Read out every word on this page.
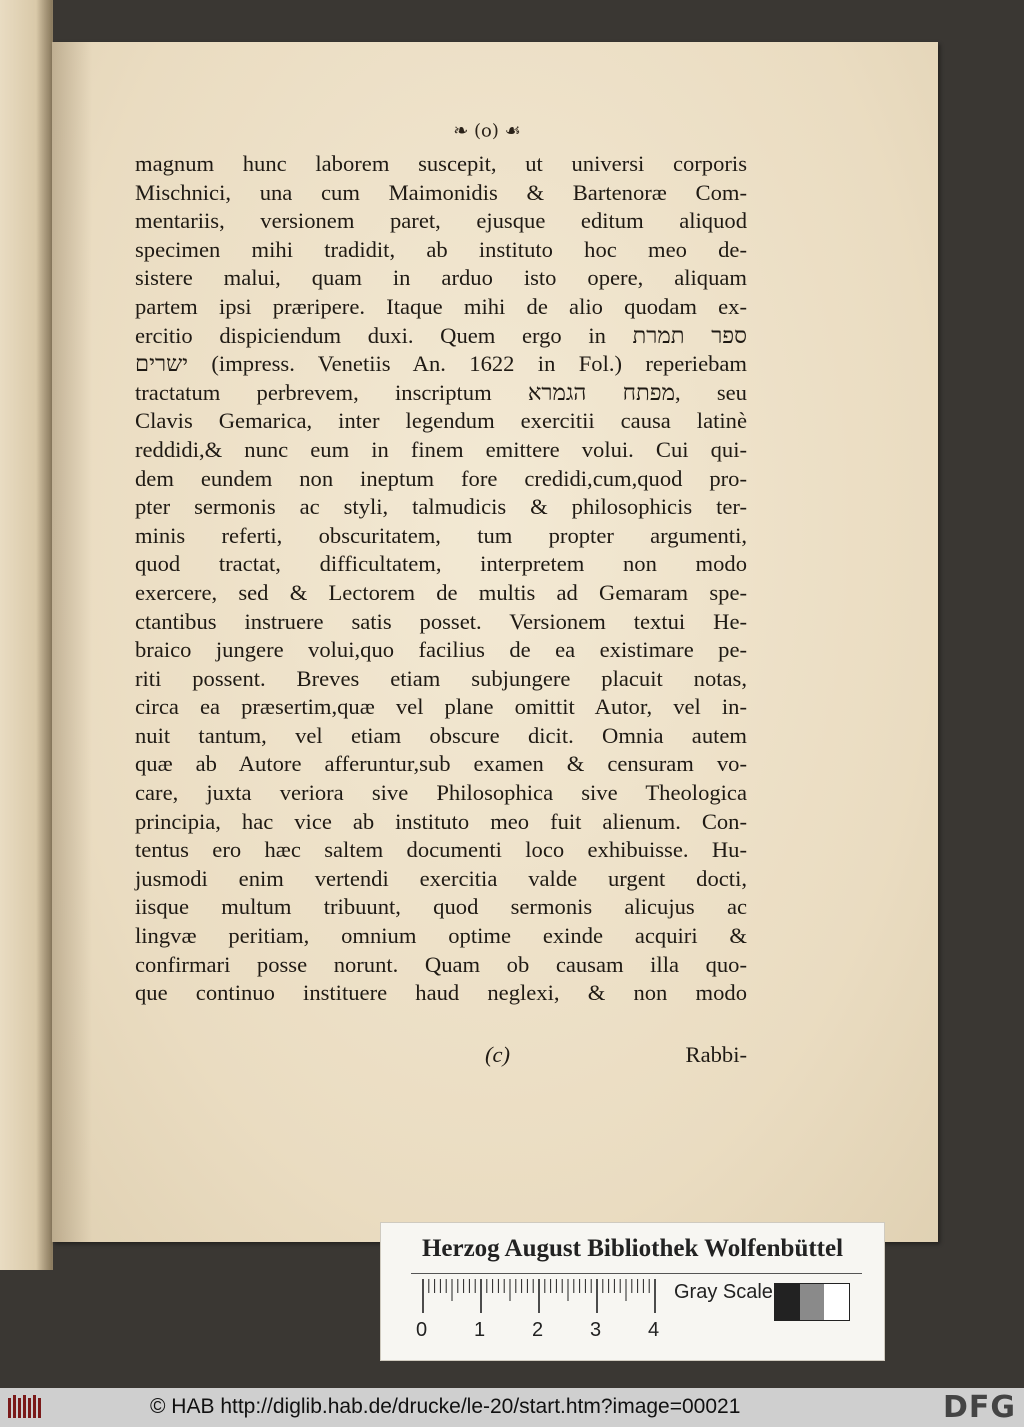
❧ (o) ☙
magnum hunc laborem suscepit, ut universi corporis
Mischnici, una cum Maimonidis & Bartenoræ Com-
mentariis, versionem paret, ejusque editum aliquod
specimen mihi tradidit, ab instituto hoc meo de-
sistere malui, quam in arduo isto opere, aliquam
partem ipsi præripere. Itaque mihi de alio quodam ex-
ercitio dispiciendum duxi. Quem ergo in ספר תמרת
ישרים (impress. Venetiis An. 1622 in Fol.) reperiebam
tractatum perbrevem, inscriptum מפתח הגמרא, seu
Clavis Gemarica, inter legendum exercitii causa latinè
reddidi,& nunc eum in finem emittere volui. Cui qui-
dem eundem non ineptum fore credidi,cum,quod pro-
pter sermonis ac styli, talmudicis & philosophicis ter-
minis referti, obscuritatem, tum propter argumenti,
quod tractat, difficultatem, interpretem non modo
exercere, sed & Lectorem de multis ad Gemaram spe-
ctantibus instruere satis posset. Versionem textui He-
braico jungere volui,quo facilius de ea existimare pe-
riti possent. Breves etiam subjungere placuit notas,
circa ea præsertim,quæ vel plane omittit Autor, vel in-
nuit tantum, vel etiam obscure dicit. Omnia autem
quæ ab Autore afferuntur,sub examen & censuram vo-
care, juxta veriora sive Philosophica sive Theologica
principia, hac vice ab instituto meo fuit alienum. Con-
tentus ero hæc saltem documenti loco exhibuisse. Hu-
jusmodi enim vertendi exercitia valde urgent docti,
iisque multum tribuunt, quod sermonis alicujus ac
lingvæ peritiam, omnium optime exinde acquiri &
confirmari posse norunt. Quam ob causam illa quo-
que continuo instituere haud neglexi, & non modo
(c)	Rabbi-
Herzog August Bibliothek Wolfenbüttel
0 1 2 3 4
Gray Scale
© HAB http://diglib.hab.de/drucke/le-20/start.htm?image=00021	DFG
